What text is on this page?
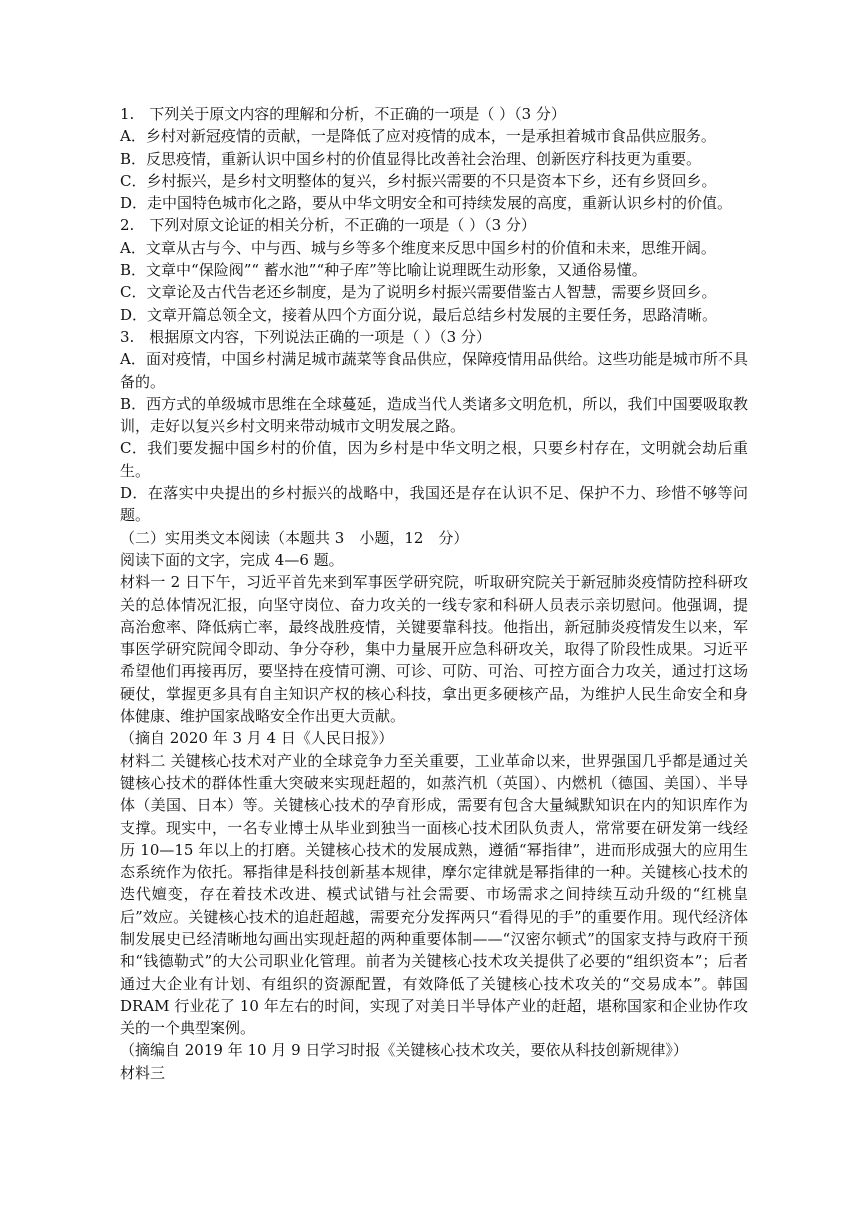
1.　下列关于原文内容的理解和分析，不正确的一项是（ ）（3 分）

A．乡村对新冠疫情的贡献，一是降低了应对疫情的成本，一是承担着城市食品供应服务。

B．反思疫情，重新认识中国乡村的价值显得比改善社会治理、创新医疗科技更为重要。

C．乡村振兴，是乡村文明整体的复兴，乡村振兴需要的不只是资本下乡，还有乡贤回乡。

D．走中国特色城市化之路，要从中华文明安全和可持续发展的高度，重新认识乡村的价值。

2.　下列对原文论证的相关分析，不正确的一项是（ ）（3 分）

A．文章从古与今、中与西、城与乡等多个维度来反思中国乡村的价值和未来，思维开阔。

B．文章中“保险阀”“ 蓄水池”“种子库”等比喻让说理既生动形象，又通俗易懂。

C．文章论及古代告老还乡制度，是为了说明乡村振兴需要借鉴古人智慧，需要乡贤回乡。

D．文章开篇总领全文，接着从四个方面分说，最后总结乡村发展的主要任务，思路清晰。

3.　根据原文内容，下列说法正确的一项是（ ）（3 分）

A．面对疫情，中国乡村满足城市蔬菜等食品供应，保障疫情用品供给。这些功能是城市所不具备的。

B．西方式的单级城市思维在全球蔓延，造成当代人类诸多文明危机，所以，我们中国要吸取教训，走好以复兴乡村文明来带动城市文明发展之路。

C．我们要发掘中国乡村的价值，因为乡村是中华文明之根，只要乡村存在，文明就会劫后重生。

D．在落实中央提出的乡村振兴的战略中，我国还是存在认识不足、保护不力、珍惜不够等问题。

（二）实用类文本阅读（本题共 3　小题，12　分）

阅读下面的文字，完成 4—6 题。

材料一 2 日下午，习近平首先来到军事医学研究院，听取研究院关于新冠肺炎疫情防控科研攻关的总体情况汇报，向坚守岗位、奋力攻关的一线专家和科研人员表示亲切慰问。他强调，提高治愈率、降低病亡率，最终战胜疫情，关键要靠科技。他指出，新冠肺炎疫情发生以来，军事医学研究院闻令即动、争分夺秒，集中力量展开应急科研攻关，取得了阶段性成果。习近平希望他们再接再厉，要坚持在疫情可溯、可诊、可防、可治、可控方面合力攻关，通过打这场硬仗，掌握更多具有自主知识产权的核心科技，拿出更多硬核产品，为维护人民生命安全和身体健康、维护国家战略安全作出更大贡献。

（摘自 2020 年 3 月 4 日《人民日报》）

材料二 关键核心技术对产业的全球竞争力至关重要，工业革命以来，世界强国几乎都是通过关键核心技术的群体性重大突破来实现赶超的，如蒸汽机（英国）、内燃机（德国、美国）、半导体（美国、日本）等。关键核心技术的孕育形成，需要有包含大量缄默知识在内的知识库作为支撑。现实中，一名专业博士从毕业到独当一面核心技术团队负责人，常常要在研发第一线经历 10—15 年以上的打磨。关键核心技术的发展成熟，遵循“幂指律”，进而形成强大的应用生态系统作为依托。幂指律是科技创新基本规律，摩尔定律就是幂指律的一种。关键核心技术的迭代嬗变，存在着技术改进、模式试错与社会需要、市场需求之间持续互动升级的“红桃皇后”效应。关键核心技术的追赶超越，需要充分发挥两只“看得见的手”的重要作用。现代经济体制发展史已经清晰地勾画出实现赶超的两种重要体制——“汉密尔顿式”的国家支持与政府干预和“钱德勒式”的大公司职业化管理。前者为关键核心技术攻关提供了必要的“组织资本”；后者通过大企业有计划、有组织的资源配置，有效降低了关键核心技术攻关的“交易成本”。韩国 DRAM 行业花了 10 年左右的时间，实现了对美日半导体产业的赶超，堪称国家和企业协作攻关的一个典型案例。

（摘编自 2019 年 10 月 9 日学习时报《关键核心技术攻关，要依从科技创新规律》）

材料三
